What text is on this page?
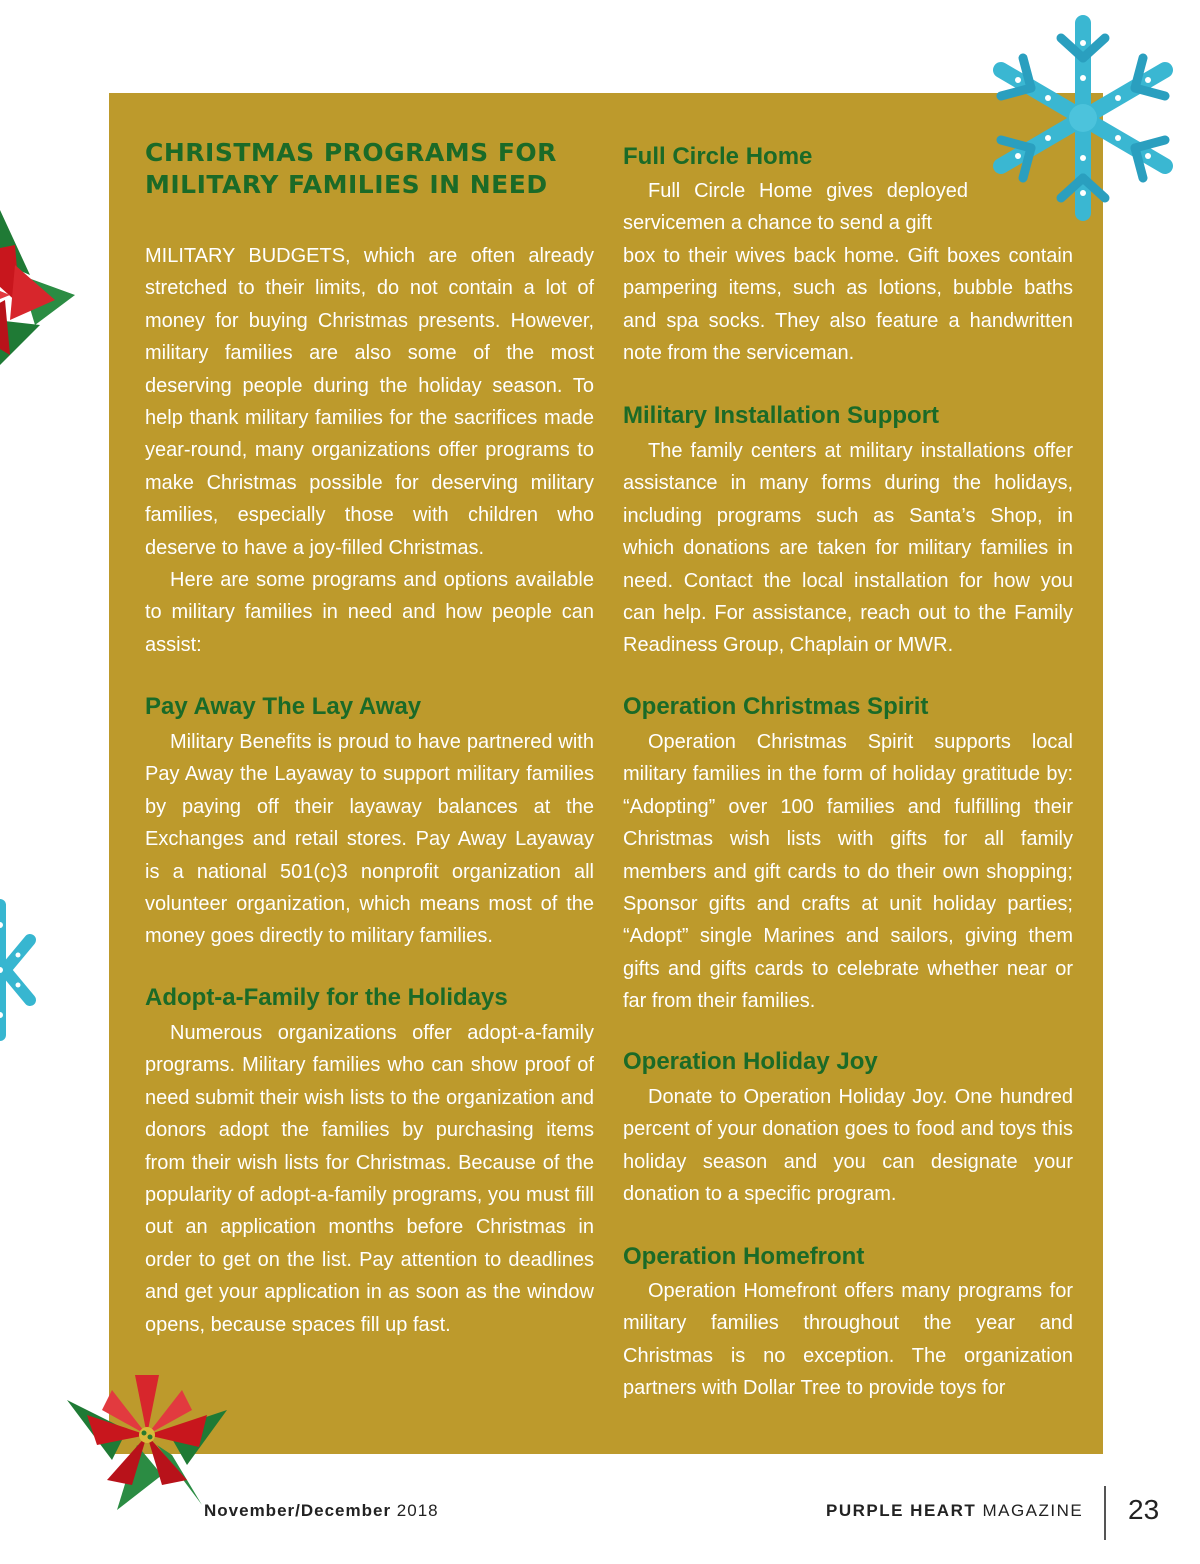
CHRISTMAS PROGRAMS FOR
MILITARY FAMILIES IN NEED

MILITARY BUDGETS, which are often already stretched to their limits, do not contain a lot of money for buying Christmas presents. However, military families are also some of the most deserving people during the holiday season. To help thank military families for the sacrifices made year-round, many organizations offer programs to make Christmas possible for deserving military families, especially those with children who deserve to have a joy-filled Christmas.

Here are some programs and options available to military families in need and how people can assist:

Pay Away The Lay Away

Military Benefits is proud to have partnered with Pay Away the Layaway to support military families by paying off their layaway balances at the Exchanges and retail stores. Pay Away Layaway is a national 501(c)3 nonprofit organization all volunteer organization, which means most of the money goes directly to military families.

Adopt-a-Family for the Holidays

Numerous organizations offer adopt-a-family programs. Military families who can show proof of need submit their wish lists to the organization and donors adopt the families by purchasing items from their wish lists for Christmas. Because of the popularity of adopt-a-family programs, you must fill out an application months before Christmas in order to get on the list. Pay attention to deadlines and get your application in as soon as the window opens, because spaces fill up fast.

Full Circle Home

Full Circle Home gives deployed servicemen a chance to send a gift

box to their wives back home. Gift boxes contain pampering items, such as lotions, bubble baths and spa socks. They also feature a handwritten note from the serviceman.

Military Installation Support

The family centers at military installations offer assistance in many forms during the holidays, including programs such as Santa’s Shop, in which donations are taken for military families in need. Contact the local installation for how you can help. For assistance, reach out to the Family Readiness Group, Chaplain or MWR.

Operation Christmas Spirit

Operation Christmas Spirit supports local military families in the form of holiday gratitude by: “Adopting” over 100 families and fulfilling their Christmas wish lists with gifts for all family members and gift cards to do their own shopping; Sponsor gifts and crafts at unit holiday parties; “Adopt” single Marines and sailors, giving them gifts and gifts cards to celebrate whether near or far from their families.

Operation Holiday Joy

Donate to Operation Holiday Joy. One hundred percent of your donation goes to food and toys this holiday season and you can designate your donation to a specific program.

Operation Homefront

Operation Homefront offers many programs for military families throughout the year and Christmas is no exception. The organization partners with Dollar Tree to provide toys for

November/December 2018	PURPLE HEART MAGAZINE 23
